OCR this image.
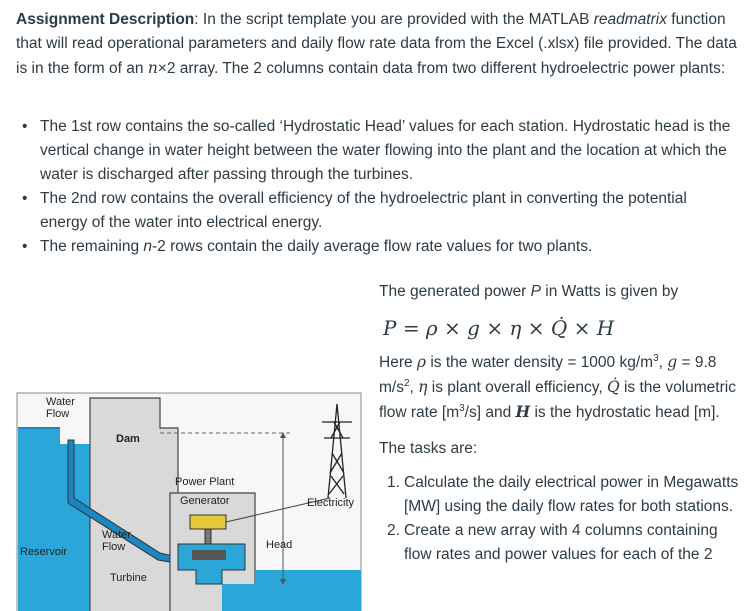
Assignment Description: In the script template you are provided with the MATLAB readmatrix function that will read operational parameters and daily flow rate data from the Excel (.xlsx) file provided. The data is in the form of an n×2 array. The 2 columns contain data from two different hydroelectric power plants:
• The 1st row contains the so-called ‘Hydrostatic Head’ values for each station. Hydrostatic head is the vertical change in water height between the water flowing into the plant and the location at which the water is discharged after passing through the turbines.
• The 2nd row contains the overall efficiency of the hydroelectric plant in converting the potential energy of the water into electrical energy.
• The remaining n-2 rows contain the daily average flow rate values for two plants.

The generated power P in Watts is given by

P = ρ × g × η × Q̇ × H

Here ρ is the water density = 1000 $kg/m^3$, g = 9.8 $m/s^2$, η is plant overall efficiency, Q̇ is the volumetric flow rate $[m^3/s]$ and H is the hydrostatic head [m].

The tasks are:

1. Calculate the daily electrical power in Megawatts [MW] using the daily flow rates for both stations.
2. Create a new array with 4 columns containing flow rates and power values for each of the 2
Water
Flow
Dam
Power Plant
Generator	Electricity
Reservoir
Water
Flow	Head
Turbine
